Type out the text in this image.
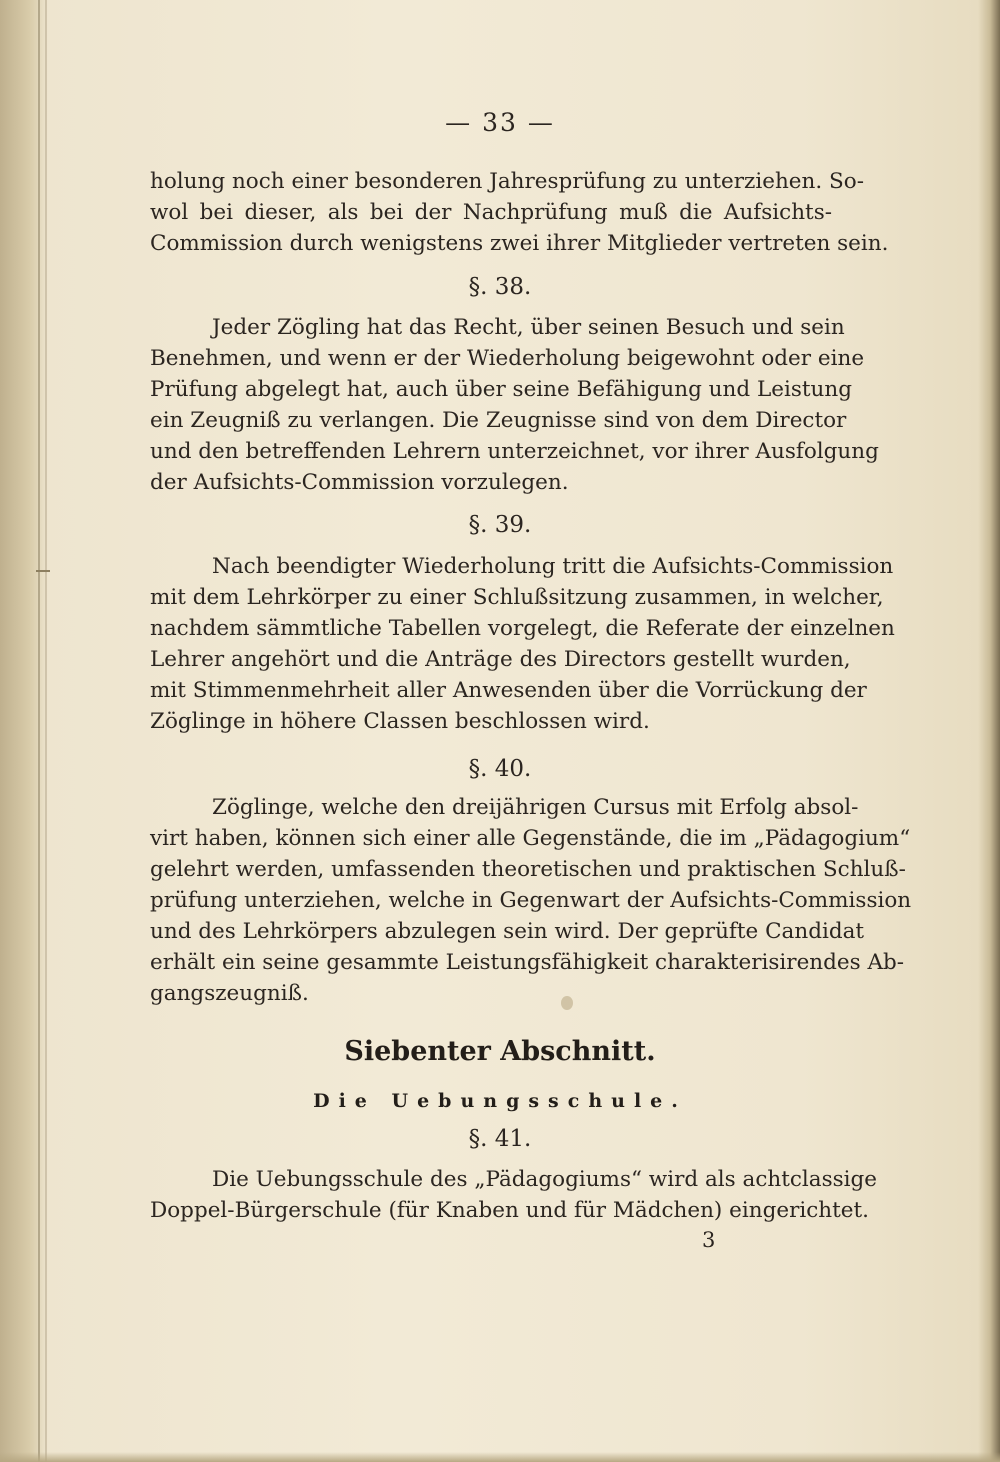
— 33 —
holung noch einer besonderen Jahresprüfung zu unterziehen. So-
wol bei dieser, als bei der Nachprüfung muß die Aufsichts-
Commission durch wenigstens zwei ihrer Mitglieder vertreten sein.
§. 38.
Jeder Zögling hat das Recht, über seinen Besuch und sein
Benehmen, und wenn er der Wiederholung beigewohnt oder eine
Prüfung abgelegt hat, auch über seine Befähigung und Leistung
ein Zeugniß zu verlangen. Die Zeugnisse sind von dem Director
und den betreffenden Lehrern unterzeichnet, vor ihrer Ausfolgung
der Aufsichts-Commission vorzulegen.
§. 39.
Nach beendigter Wiederholung tritt die Aufsichts-Commission
mit dem Lehrkörper zu einer Schlußsitzung zusammen, in welcher,
nachdem sämmtliche Tabellen vorgelegt, die Referate der einzelnen
Lehrer angehört und die Anträge des Directors gestellt wurden,
mit Stimmenmehrheit aller Anwesenden über die Vorrückung der
Zöglinge in höhere Classen beschlossen wird.
§. 40.
Zöglinge, welche den dreijährigen Cursus mit Erfolg absol-
virt haben, können sich einer alle Gegenstände, die im „Pädagogium“
gelehrt werden, umfassenden theoretischen und praktischen Schluß-
prüfung unterziehen, welche in Gegenwart der Aufsichts-Commission
und des Lehrkörpers abzulegen sein wird. Der geprüfte Candidat
erhält ein seine gesammte Leistungsfähigkeit charakterisirendes Ab-
gangszeugniß.
Siebenter Abschnitt.
Die Uebungsschule.
§. 41.
Die Uebungsschule des „Pädagogiums“ wird als achtclassige
Doppel-Bürgerschule (für Knaben und für Mädchen) eingerichtet.
3
